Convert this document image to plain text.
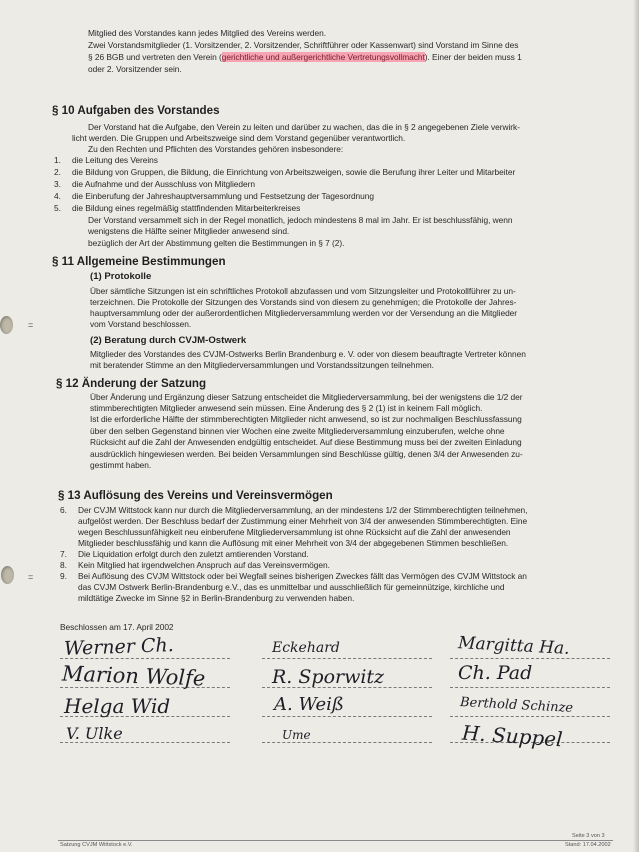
=
=
Mitglied des Vorstandes kann jedes Mitglied des Vereins werden.
Zwei Vorstandsmitglieder (1. Vorsitzender, 2. Vorsitzender, Schriftführer oder Kassenwart) sind Vorstand im Sinne des
§ 26 BGB und vertreten den Verein (gerichtliche und außergerichtliche Vertretungsvollmacht). Einer der beiden muss 1
oder 2. Vorsitzender sein.
§ 10 Aufgaben des Vorstandes
Der Vorstand hat die Aufgabe, den Verein zu leiten und darüber zu wachen, das die in § 2 angegebenen Ziele verwirk-
licht werden. Die Gruppen und Arbeitszweige sind dem Vorstand gegenüber verantwortlich.
Zu den Rechten und Pflichten des Vorstandes gehören insbesondere:
1. die Leitung des Vereins
2. die Bildung von Gruppen, die Bildung, die Einrichtung von Arbeitszweigen, sowie die Berufung ihrer Leiter und Mitarbeiter
3. die Aufnahme und der Ausschluss von Mitgliedern
4. die Einberufung der Jahreshauptversammlung und Festsetzung der Tagesordnung
5. die Bildung eines regelmäßig stattfindenden Mitarbeiterkreises
Der Vorstand versammelt sich in der Regel monatlich, jedoch mindestens 8 mal im Jahr. Er ist beschlussfähig, wenn
wenigstens die Hälfte seiner Mitglieder anwesend sind.
bezüglich der Art der Abstimmung gelten die Bestimmungen in § 7 (2).
§ 11 Allgemeine Bestimmungen
(1) Protokolle
Über sämtliche Sitzungen ist ein schriftliches Protokoll abzufassen und vom Sitzungsleiter und Protokollführer zu un-
terzeichnen. Die Protokolle der Sitzungen des Vorstands sind von diesem zu genehmigen; die Protokolle der Jahres-
hauptversammlung oder der außerordentlichen Mitgliederversammlung werden vor der Versendung an die Mitglieder
vom Vorstand beschlossen.
(2) Beratung durch CVJM-Ostwerk
Mitglieder des Vorstandes des CVJM-Ostwerks Berlin Brandenburg e. V. oder von diesem beauftragte Vertreter können
mit beratender Stimme an den Mitgliederversammlungen und Vorstandssitzungen teilnehmen.
§ 12 Änderung der Satzung
Über Änderung und Ergänzung dieser Satzung entscheidet die Mitgliederversammlung, bei der wenigstens die 1/2 der
stimmberechtigten Mitglieder anwesend sein müssen. Eine Änderung des § 2 (1) ist in keinem Fall möglich.
Ist die erforderliche Hälfte der stimmberechtigten Mitglieder nicht anwesend, so ist zur nochmaligen Beschlussfassung
über den selben Gegenstand binnen vier Wochen eine zweite Mitgliederversammlung einzuberufen, welche ohne
Rücksicht auf die Zahl der Anwesenden endgültig entscheidet. Auf diese Bestimmung muss bei der zweiten Einladung
ausdrücklich hingewiesen werden. Bei beiden Versammlungen sind Beschlüsse gültig, denen 3/4 der Anwesenden zu-
gestimmt haben.
§ 13 Auflösung des Vereins und Vereinsvermögen
6. Der CVJM Wittstock kann nur durch die Mitgliederversammlung, an der mindestens 1/2 der Stimmberechtigten teilnehmen,
aufgelöst werden. Der Beschluss bedarf der Zustimmung einer Mehrheit von 3/4 der anwesenden Stimmberechtigten. Eine
wegen Beschlussunfähigkeit neu einberufene Mitgliederversammlung ist ohne Rücksicht auf die Zahl der anwesenden
Mitglieder beschlussfähig und kann die Auflösung mit einer Mehrheit von 3/4 der abgegebenen Stimmen beschließen.
7. Die Liquidation erfolgt durch den zuletzt amtierenden Vorstand.
8. Kein Mitglied hat irgendwelchen Anspruch auf das Vereinsvermögen.
9. Bei Auflösung des CVJM Wittstock oder bei Wegfall seines bisherigen Zweckes fällt das Vermögen des CVJM Wittstock an
das CVJM Ostwerk Berlin-Brandenburg e.V., das es unmittelbar und ausschließlich für gemeinnützige, kirchliche und
mildtätige Zwecke im Sinne §2 in Berlin-Brandenburg zu verwenden haben.
Beschlossen am 17. April 2002
Werner Ch.	Eckehard	Margitta Ha.
Marion Wolfe	R. Sporwitz	Ch. Pad
Helga Wid	A. Weiß	Berthold Schinze
V. Ulke	Ume	H. Suppel
Satzung CVJM Wittstock e.V.
Seite 3 von 3
Stand: 17.04.2002
